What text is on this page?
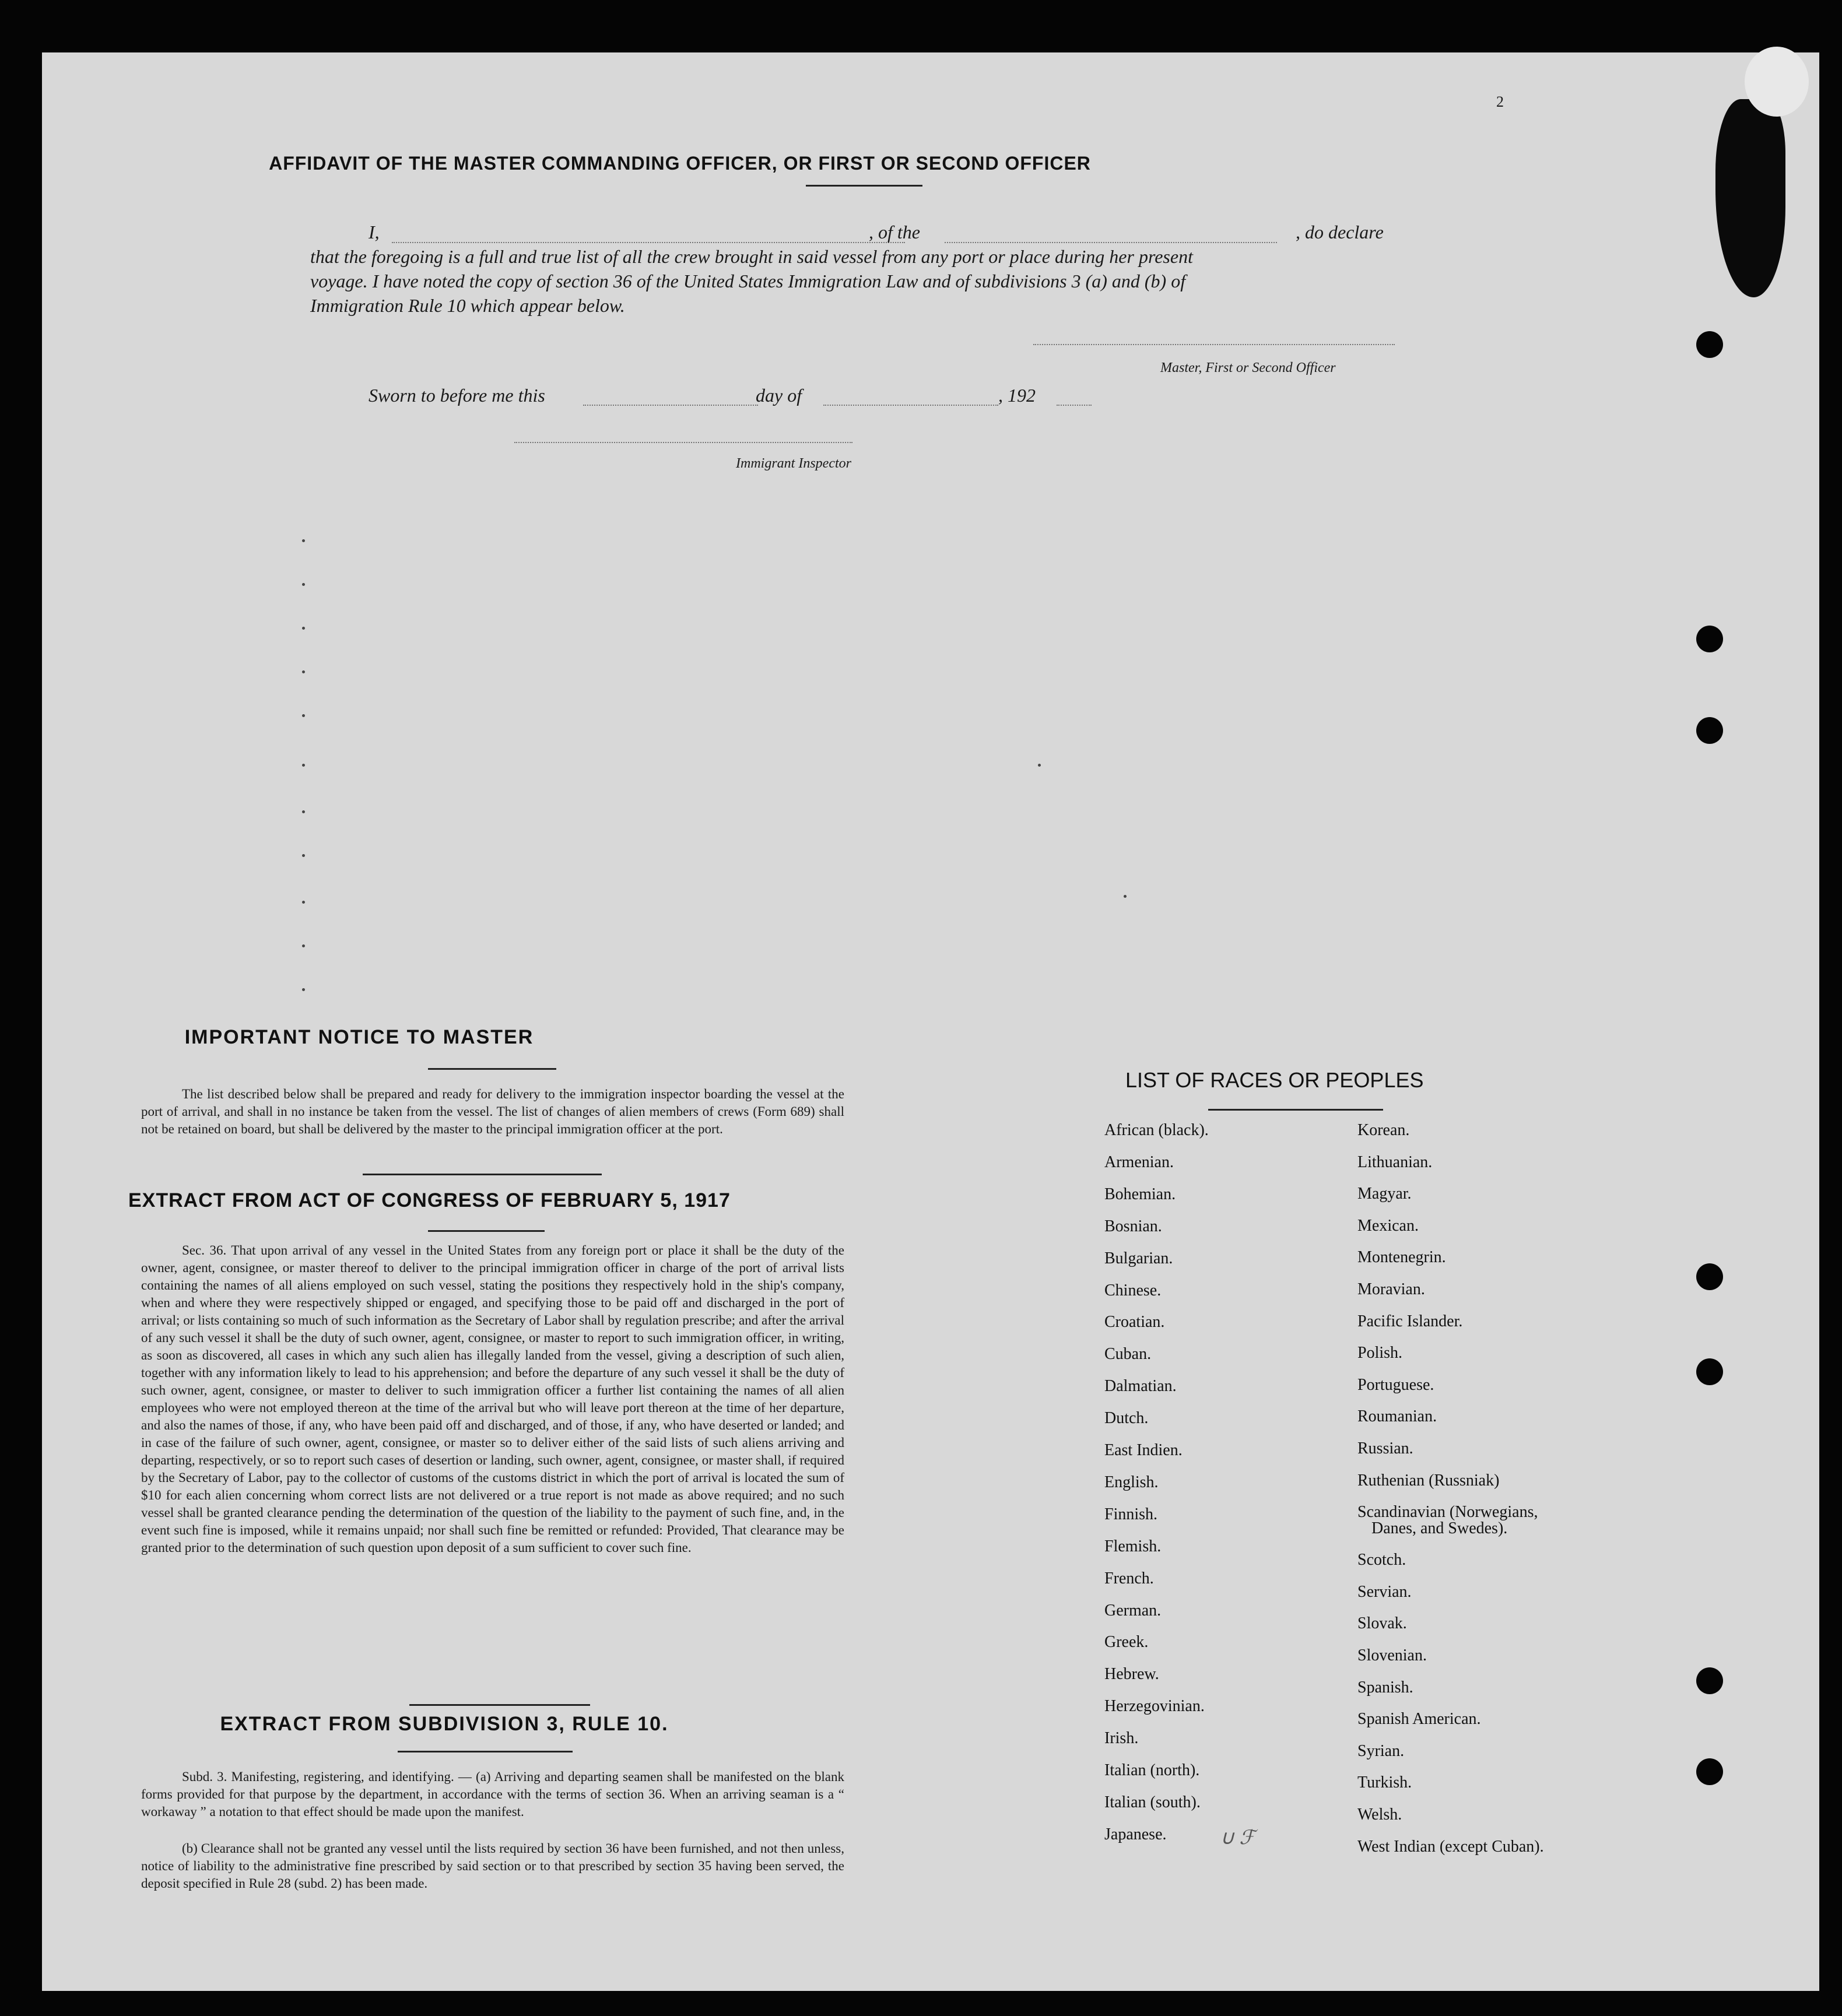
AFFIDAVIT OF THE MASTER COMMANDING OFFICER, OR FIRST OR SECOND OFFICER
I,	, of the	, do declare
that the foregoing is a full and true list of all the crew brought in said vessel from any port or place during her present
voyage. I have noted the copy of section 36 of the United States Immigration Law and of subdivisions 3 (a) and (b) of
Immigration Rule 10 which appear below.
Master, First or Second Officer
Sworn to before me this	day of	, 192
Immigrant Inspector
2
IMPORTANT NOTICE TO MASTER
The list described below shall be prepared and ready for delivery to the immigration inspector boarding the vessel at the port of arrival, and shall in no instance be taken from the vessel. The list of changes of alien members of crews (Form 689) shall not be retained on board, but shall be delivered by the master to the principal immigration officer at the port.
EXTRACT FROM ACT OF CONGRESS OF FEBRUARY 5, 1917
Sec. 36. That upon arrival of any vessel in the United States from any foreign port or place it shall be the duty of the owner, agent, consignee, or master thereof to deliver to the principal immigration officer in charge of the port of arrival lists containing the names of all aliens employed on such vessel, stating the positions they respectively hold in the ship's company, when and where they were respectively shipped or engaged, and specifying those to be paid off and discharged in the port of arrival; or lists containing so much of such information as the Secretary of Labor shall by regulation prescribe; and after the arrival of any such vessel it shall be the duty of such owner, agent, consignee, or master to report to such immigration officer, in writing, as soon as discovered, all cases in which any such alien has illegally landed from the vessel, giving a description of such alien, together with any information likely to lead to his apprehension; and before the departure of any such vessel it shall be the duty of such owner, agent, consignee, or master to deliver to such immigration officer a further list containing the names of all alien employees who were not employed thereon at the time of the arrival but who will leave port thereon at the time of her departure, and also the names of those, if any, who have been paid off and discharged, and of those, if any, who have deserted or landed; and in case of the failure of such owner, agent, consignee, or master so to deliver either of the said lists of such aliens arriving and departing, respectively, or so to report such cases of desertion or landing, such owner, agent, consignee, or master shall, if required by the Secretary of Labor, pay to the collector of customs of the customs district in which the port of arrival is located the sum of $10 for each alien concerning whom correct lists are not delivered or a true report is not made as above required; and no such vessel shall be granted clearance pending the determination of the question of the liability to the payment of such fine, and, in the event such fine is imposed, while it remains unpaid; nor shall such fine be remitted or refunded: Provided, That clearance may be granted prior to the determination of such question upon deposit of a sum sufficient to cover such fine.
EXTRACT FROM SUBDIVISION 3, RULE 10.
Subd. 3. Manifesting, registering, and identifying. — (a) Arriving and departing seamen shall be manifested on the blank forms provided for that purpose by the department, in accordance with the terms of section 36. When an arriving seaman is a “ workaway ” a notation to that effect should be made upon the manifest.
(b) Clearance shall not be granted any vessel until the lists required by section 36 have been furnished, and not then unless, notice of liability to the administrative fine prescribed by said section or to that prescribed by section 35 having been served, the deposit specified in Rule 28 (subd. 2) has been made.
LIST OF RACES OR PEOPLES
African (black).
Armenian.
Bohemian.
Bosnian.
Bulgarian.
Chinese.
Croatian.
Cuban.
Dalmatian.
Dutch.
East Indien.
English.
Finnish.
Flemish.
French.
German.
Greek.
Hebrew.
Herzegovinian.
Irish.
Italian (north).
Italian (south).
Japanese.
Korean.
Lithuanian.
Magyar.
Mexican.
Montenegrin.
Moravian.
Pacific Islander.
Polish.
Portuguese.
Roumanian.
Russian.
Ruthenian (Russniak)
Scandinavian (Norwegians,
Danes, and Swedes).
Scotch.
Servian.
Slovak.
Slovenian.
Spanish.
Spanish American.
Syrian.
Turkish.
Welsh.
West Indian (except Cuban).
∪ ℱ
